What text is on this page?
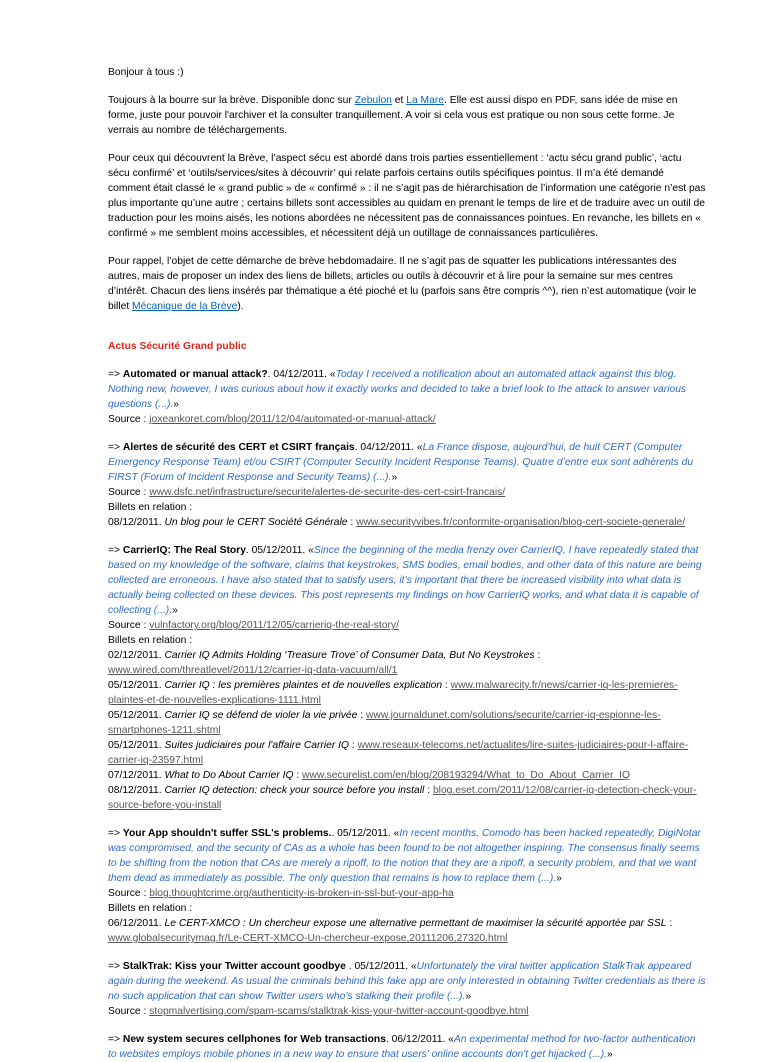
Bonjour à tous :)

Toujours à la bourre sur la brève. Disponible donc sur Zebulon et La Mare. Elle est aussi dispo en PDF, sans idée de mise en forme, juste pour pouvoir l'archiver et la consulter tranquillement. A voir si cela vous est pratique ou non sous cette forme. Je verrais au nombre de téléchargements.

Pour ceux qui découvrent la Brève, l’aspect sécu est abordé dans trois parties essentiellement : ‘actu sécu grand public’, ‘actu sécu confirmé’ et ‘outils/services/sites à découvrir’ qui relate parfois certains outils spécifiques pointus. Il m’a été demandé comment était classé le « grand public » de « confirmé » : il ne s’agit pas de hiérarchisation de l’information une catégorie n’est pas plus importante qu’une autre ; certains billets sont accessibles au quidam en prenant le temps de lire et de traduire avec un outil de traduction pour les moins aisés, les notions abordées ne nécessitent pas de connaissances pointues. En revanche, les billets en « confirmé » me semblent moins accessibles, et nécessitent déjà un outillage de connaissances particulières.

Pour rappel, l’objet de cette démarche de brève hebdomadaire. Il ne s’agit pas de squatter les publications intéressantes des autres, mais de proposer un index des liens de billets, articles ou outils à découvrir et à lire pour la semaine sur mes centres d’intérêt. Chacun des liens insérés par thématique a été pioché et lu (parfois sans être compris ^^), rien n’est automatique (voir le billet Mécanique de la Brève).

Actus Sécurité Grand public
=> Automated or manual attack?. 04/12/2011. «Today I received a notification about an automated attack against this blog. Nothing new, however, I was curious about how it exactly works and decided to take a brief look to the attack to answer various questions (...).»
Source : joxeankoret.com/blog/2011/12/04/automated-or-manual-attack/
=> Alertes de sécurité des CERT et CSIRT français. 04/12/2011. «La France dispose, aujourd’hui, de huit CERT (Computer Emergency Response Team) et/ou CSIRT (Computer Security Incident Response Teams). Quatre d’entre eux sont adhérents du FIRST (Forum of Incident Response and Security Teams) (...).»
Source : www.dsfc.net/infrastructure/securite/alertes-de-securite-des-cert-csirt-francais/
Billets en relation :
08/12/2011. Un blog pour le CERT Société Générale : www.securityvibes.fr/conformite-organisation/blog-cert-societe-generale/
=> CarrierIQ: The Real Story. 05/12/2011. «Since the beginning of the media frenzy over CarrierIQ, I have repeatedly stated that based on my knowledge of the software, claims that keystrokes, SMS bodies, email bodies, and other data of this nature are being collected are erroneous. I have also stated that to satisfy users, it’s important that there be increased visibility into what data is actually being collected on these devices. This post represents my findings on how CarrierIQ works, and what data it is capable of collecting (...).»
Source : vulnfactory.org/blog/2011/12/05/carrieriq-the-real-story/
Billets en relation :
02/12/2011. Carrier IQ Admits Holding ‘Treasure Trove’ of Consumer Data, But No Keystrokes : www.wired.com/threatlevel/2011/12/carrier-iq-data-vacuum/all/1
05/12/2011. Carrier IQ : les premières plaintes et de nouvelles explication : www.malwarecity.fr/news/carrier-iq-les-premieres-plaintes-et-de-nouvelles-explications-1111.html
05/12/2011. Carrier IQ se défend de violer la vie privée : www.journaldunet.com/solutions/securite/carrier-iq-espionne-les-smartphones-1211.shtml
05/12/2011. Suites judiciaires pour l'affaire Carrier IQ : www.reseaux-telecoms.net/actualites/lire-suites-judiciaires-pour-l-affaire-carrier-iq-23597.html
07/12/2011. What to Do About Carrier IQ : www.securelist.com/en/blog/208193294/What_to_Do_About_Carrier_IQ
08/12/2011. Carrier IQ detection: check your source before you install : blog.eset.com/2011/12/08/carrier-iq-detection-check-your-source-before-you-install
=> Your App shouldn't suffer SSL's problems.. 05/12/2011. «In recent months, Comodo has been hacked repeatedly, DigiNotar was compromised, and the security of CAs as a whole has been found to be not altogether inspiring. The consensus finally seems to be shifting from the notion that CAs are merely a ripoff, to the notion that they are a ripoff, a security problem, and that we want them dead as immediately as possible. The only question that remains is how to replace them (...).»
Source : blog.thoughtcrime.org/authenticity-is-broken-in-ssl-but-your-app-ha
Billets en relation :
06/12/2011. Le CERT-XMCO : Un chercheur expose une alternative permettant de maximiser la sécurité apportée par SSL : www.globalsecuritymag.fr/Le-CERT-XMCO-Un-chercheur-expose,20111206,27320.html
=> StalkTrak: Kiss your Twitter account goodbye . 05/12/2011. «Unfortunately the viral twitter application StalkTrak appeared again during the weekend. As usual the criminals behind this fake app are only interested in obtaining Twitter credentials as there is no such application that can show Twitter users who’s stalking their profile (...).»
Source : stopmalvertising.com/spam-scams/stalktrak-kiss-your-twitter-account-goodbye.html
=> New system secures cellphones for Web transactions. 06/12/2011. «An experimental method for two-factor authentication to websites employs mobile phones in a new way to ensure that users' online accounts don't get hijacked (...).»
